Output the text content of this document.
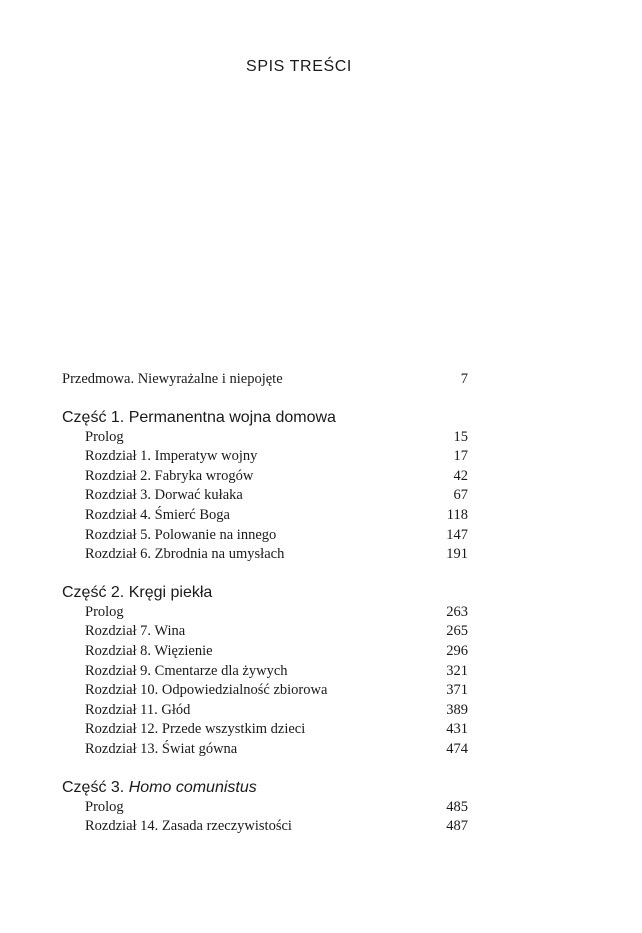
SPIS TREŚCI
Przedmowa. Niewyrażalne i niepojęte	7
Część 1. Permanentna wojna domowa
Prolog	15
Rozdział 1. Imperatyw wojny	17
Rozdział 2. Fabryka wrogów	42
Rozdział 3. Dorwać kułaka	67
Rozdział 4. Śmierć Boga	118
Rozdział 5. Polowanie na innego	147
Rozdział 6. Zbrodnia na umysłach	191
Część 2. Kręgi piekła
Prolog	263
Rozdział 7. Wina	265
Rozdział 8. Więzienie	296
Rozdział 9. Cmentarze dla żywych	321
Rozdział 10. Odpowiedzialność zbiorowa	371
Rozdział 11. Głód	389
Rozdział 12. Przede wszystkim dzieci	431
Rozdział 13. Świat gówna	474
Część 3. Homo comunistus
Prolog	485
Rozdział 14. Zasada rzeczywistości	487
